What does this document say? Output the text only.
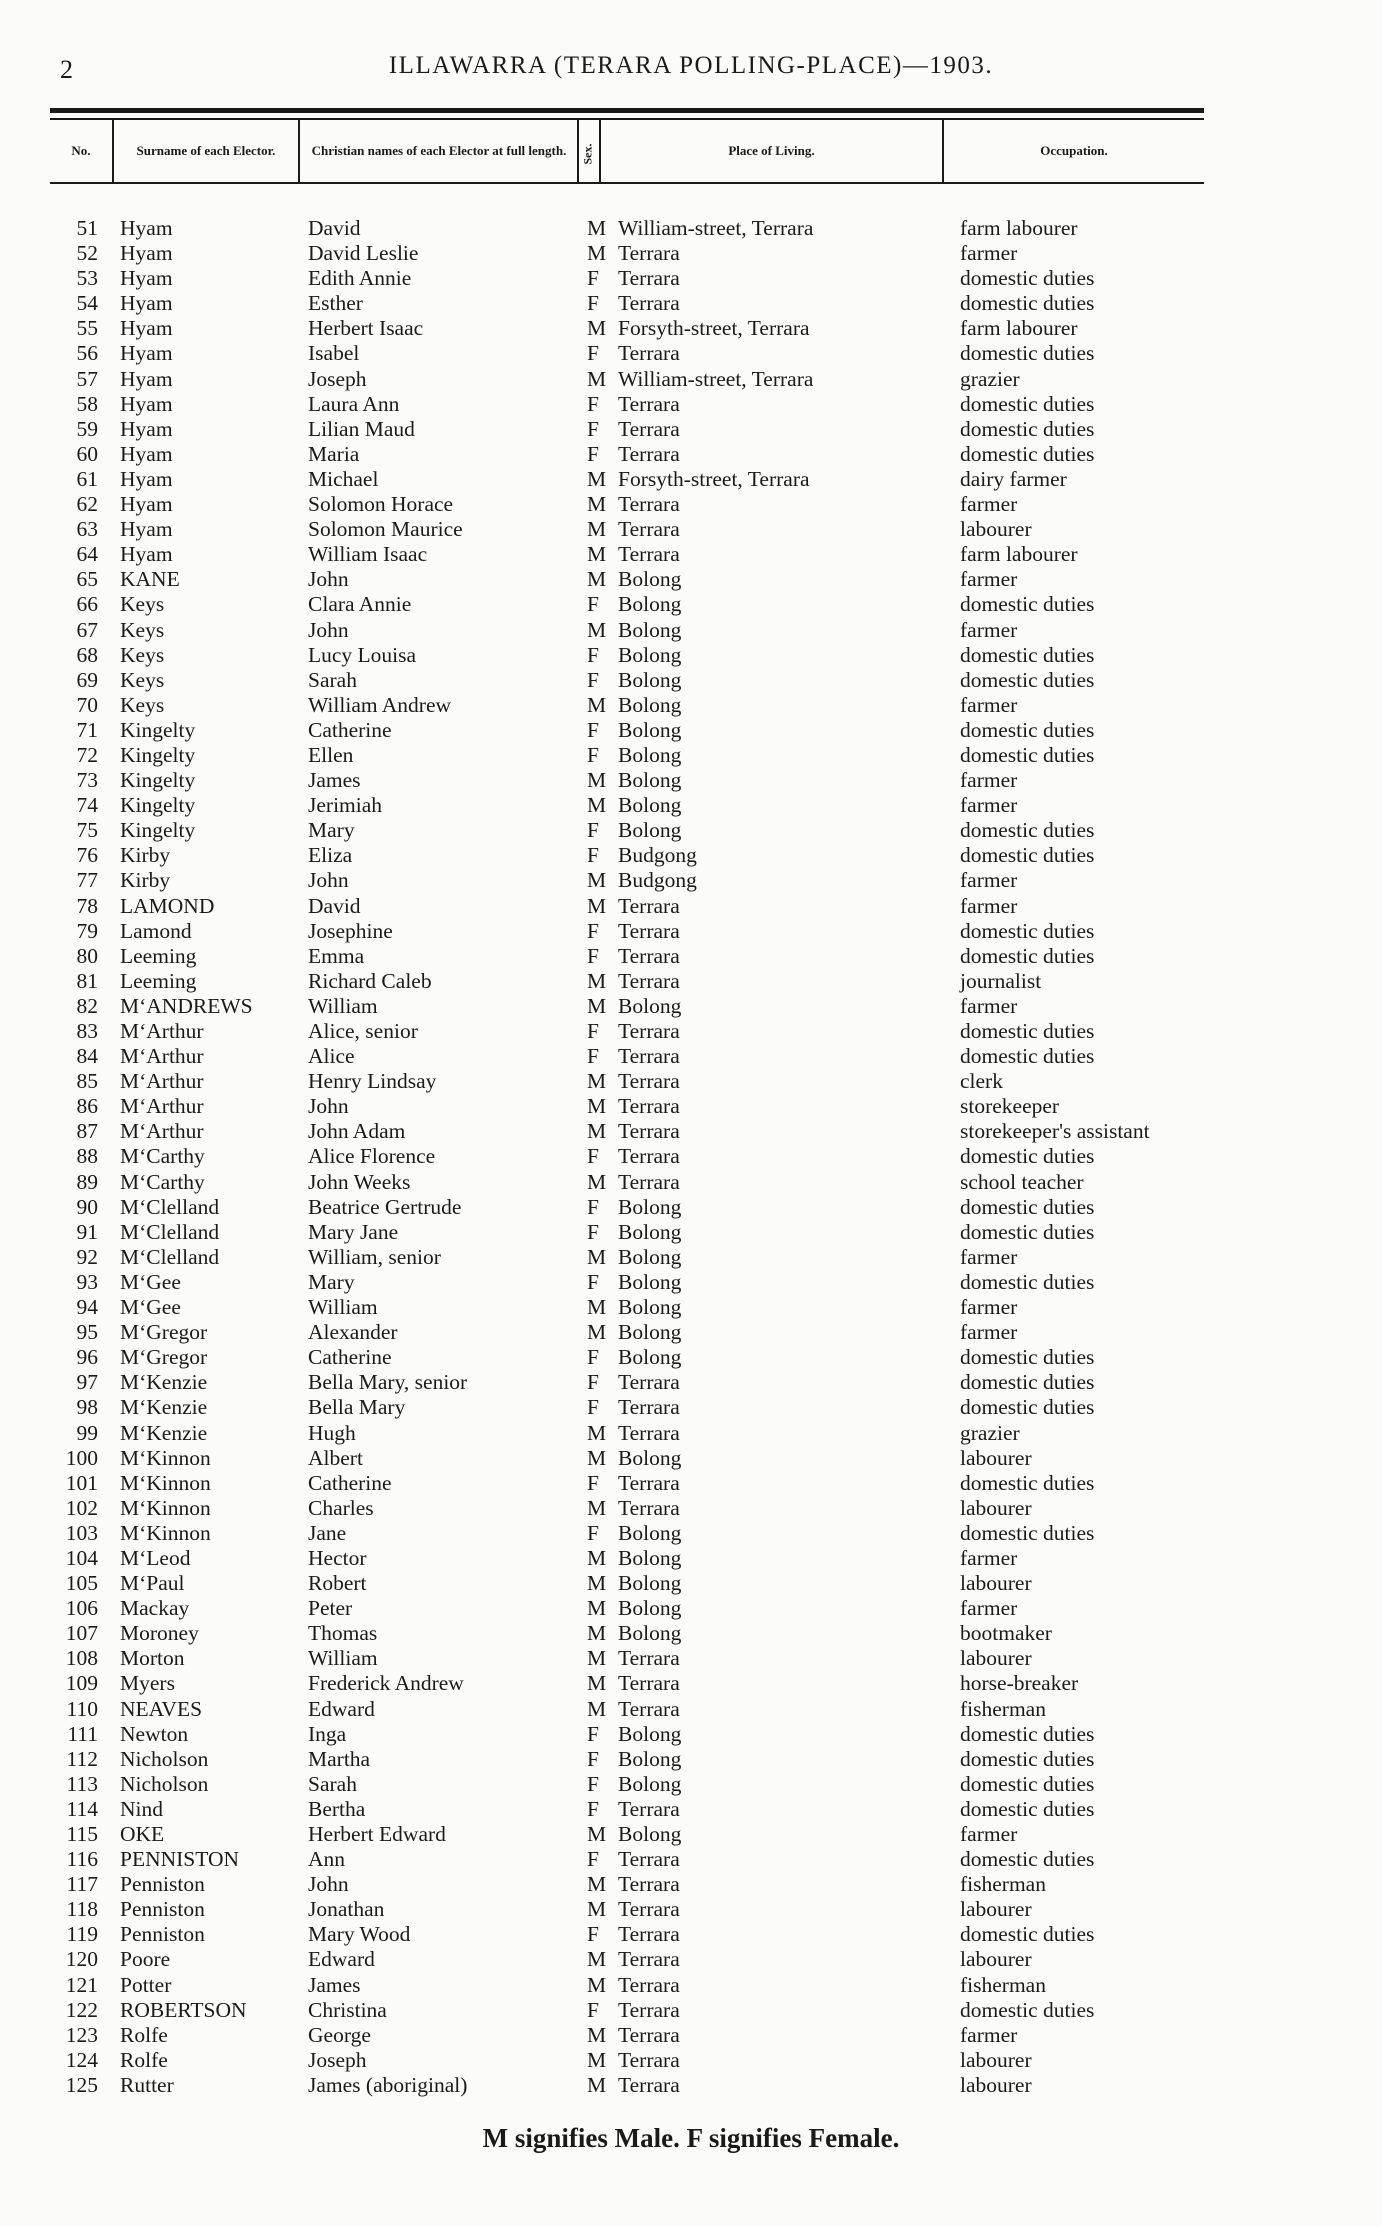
2	ILLAWARRA (TERARA POLLING-PLACE)—1903.
No.	Surname of each Elector.	Christian names of each Elector at full length.	Sex.	Place of Living.	Occupation.
51 Hyam	David	M William-street, Terrara	farm labourer
52 Hyam	David Leslie	M Terrara	farmer
53 Hyam	Edith Annie	F Terrara	domestic duties
54 Hyam	Esther	F Terrara	domestic duties
55 Hyam	Herbert Isaac	M Forsyth-street, Terrara	farm labourer
56 Hyam	Isabel	F Terrara	domestic duties
57 Hyam	Joseph	M William-street, Terrara	grazier
58 Hyam	Laura Ann	F Terrara	domestic duties
59 Hyam	Lilian Maud	F Terrara	domestic duties
60 Hyam	Maria	F Terrara	domestic duties
61 Hyam	Michael	M Forsyth-street, Terrara	dairy farmer
62 Hyam	Solomon Horace	M Terrara	farmer
63 Hyam	Solomon Maurice	M Terrara	labourer
64 Hyam	William Isaac	M Terrara	farm labourer
65 KANE	John	M Bolong	farmer
66 Keys	Clara Annie	F Bolong	domestic duties
67 Keys	John	M Bolong	farmer
68 Keys	Lucy Louisa	F Bolong	domestic duties
69 Keys	Sarah	F Bolong	domestic duties
70 Keys	William Andrew	M Bolong	farmer
71 Kingelty	Catherine	F Bolong	domestic duties
72 Kingelty	Ellen	F Bolong	domestic duties
73 Kingelty	James	M Bolong	farmer
74 Kingelty	Jerimiah	M Bolong	farmer
75 Kingelty	Mary	F Bolong	domestic duties
76 Kirby	Eliza	F Budgong	domestic duties
77 Kirby	John	M Budgong	farmer
78 LAMOND	David	M Terrara	farmer
79 Lamond	Josephine	F Terrara	domestic duties
80 Leeming	Emma	F Terrara	domestic duties
81 Leeming	Richard Caleb	M Terrara	journalist
82 M‘ANDREWS	William	M Bolong	farmer
83 M‘Arthur	Alice, senior	F Terrara	domestic duties
84 M‘Arthur	Alice	F Terrara	domestic duties
85 M‘Arthur	Henry Lindsay	M Terrara	clerk
86 M‘Arthur	John	M Terrara	storekeeper
87 M‘Arthur	John Adam	M Terrara	storekeeper's assistant
88 M‘Carthy	Alice Florence	F Terrara	domestic duties
89 M‘Carthy	John Weeks	M Terrara	school teacher
90 M‘Clelland	Beatrice Gertrude	F Bolong	domestic duties
91 M‘Clelland	Mary Jane	F Bolong	domestic duties
92 M‘Clelland	William, senior	M Bolong	farmer
93 M‘Gee	Mary	F Bolong	domestic duties
94 M‘Gee	William	M Bolong	farmer
95 M‘Gregor	Alexander	M Bolong	farmer
96 M‘Gregor	Catherine	F Bolong	domestic duties
97 M‘Kenzie	Bella Mary, senior	F Terrara	domestic duties
98 M‘Kenzie	Bella Mary	F Terrara	domestic duties
99 M‘Kenzie	Hugh	M Terrara	grazier
100 M‘Kinnon	Albert	M Bolong	labourer
101 M‘Kinnon	Catherine	F Terrara	domestic duties
102 M‘Kinnon	Charles	M Terrara	labourer
103 M‘Kinnon	Jane	F Bolong	domestic duties
104 M‘Leod	Hector	M Bolong	farmer
105 M‘Paul	Robert	M Bolong	labourer
106 Mackay	Peter	M Bolong	farmer
107 Moroney	Thomas	M Bolong	bootmaker
108 Morton	William	M Terrara	labourer
109 Myers	Frederick Andrew	M Terrara	horse-breaker
110 NEAVES	Edward	M Terrara	fisherman
111 Newton	Inga	F Bolong	domestic duties
112 Nicholson	Martha	F Bolong	domestic duties
113 Nicholson	Sarah	F Bolong	domestic duties
114 Nind	Bertha	F Terrara	domestic duties
115 OKE	Herbert Edward	M Bolong	farmer
116 PENNISTON	Ann	F Terrara	domestic duties
117 Penniston	John	M Terrara	fisherman
118 Penniston	Jonathan	M Terrara	labourer
119 Penniston	Mary Wood	F Terrara	domestic duties
120 Poore	Edward	M Terrara	labourer
121 Potter	James	M Terrara	fisherman
122 ROBERTSON	Christina	F Terrara	domestic duties
123 Rolfe	George	M Terrara	farmer
124 Rolfe	Joseph	M Terrara	labourer
125 Rutter	James (aboriginal)	M Terrara	labourer
M signifies Male. F signifies Female.
